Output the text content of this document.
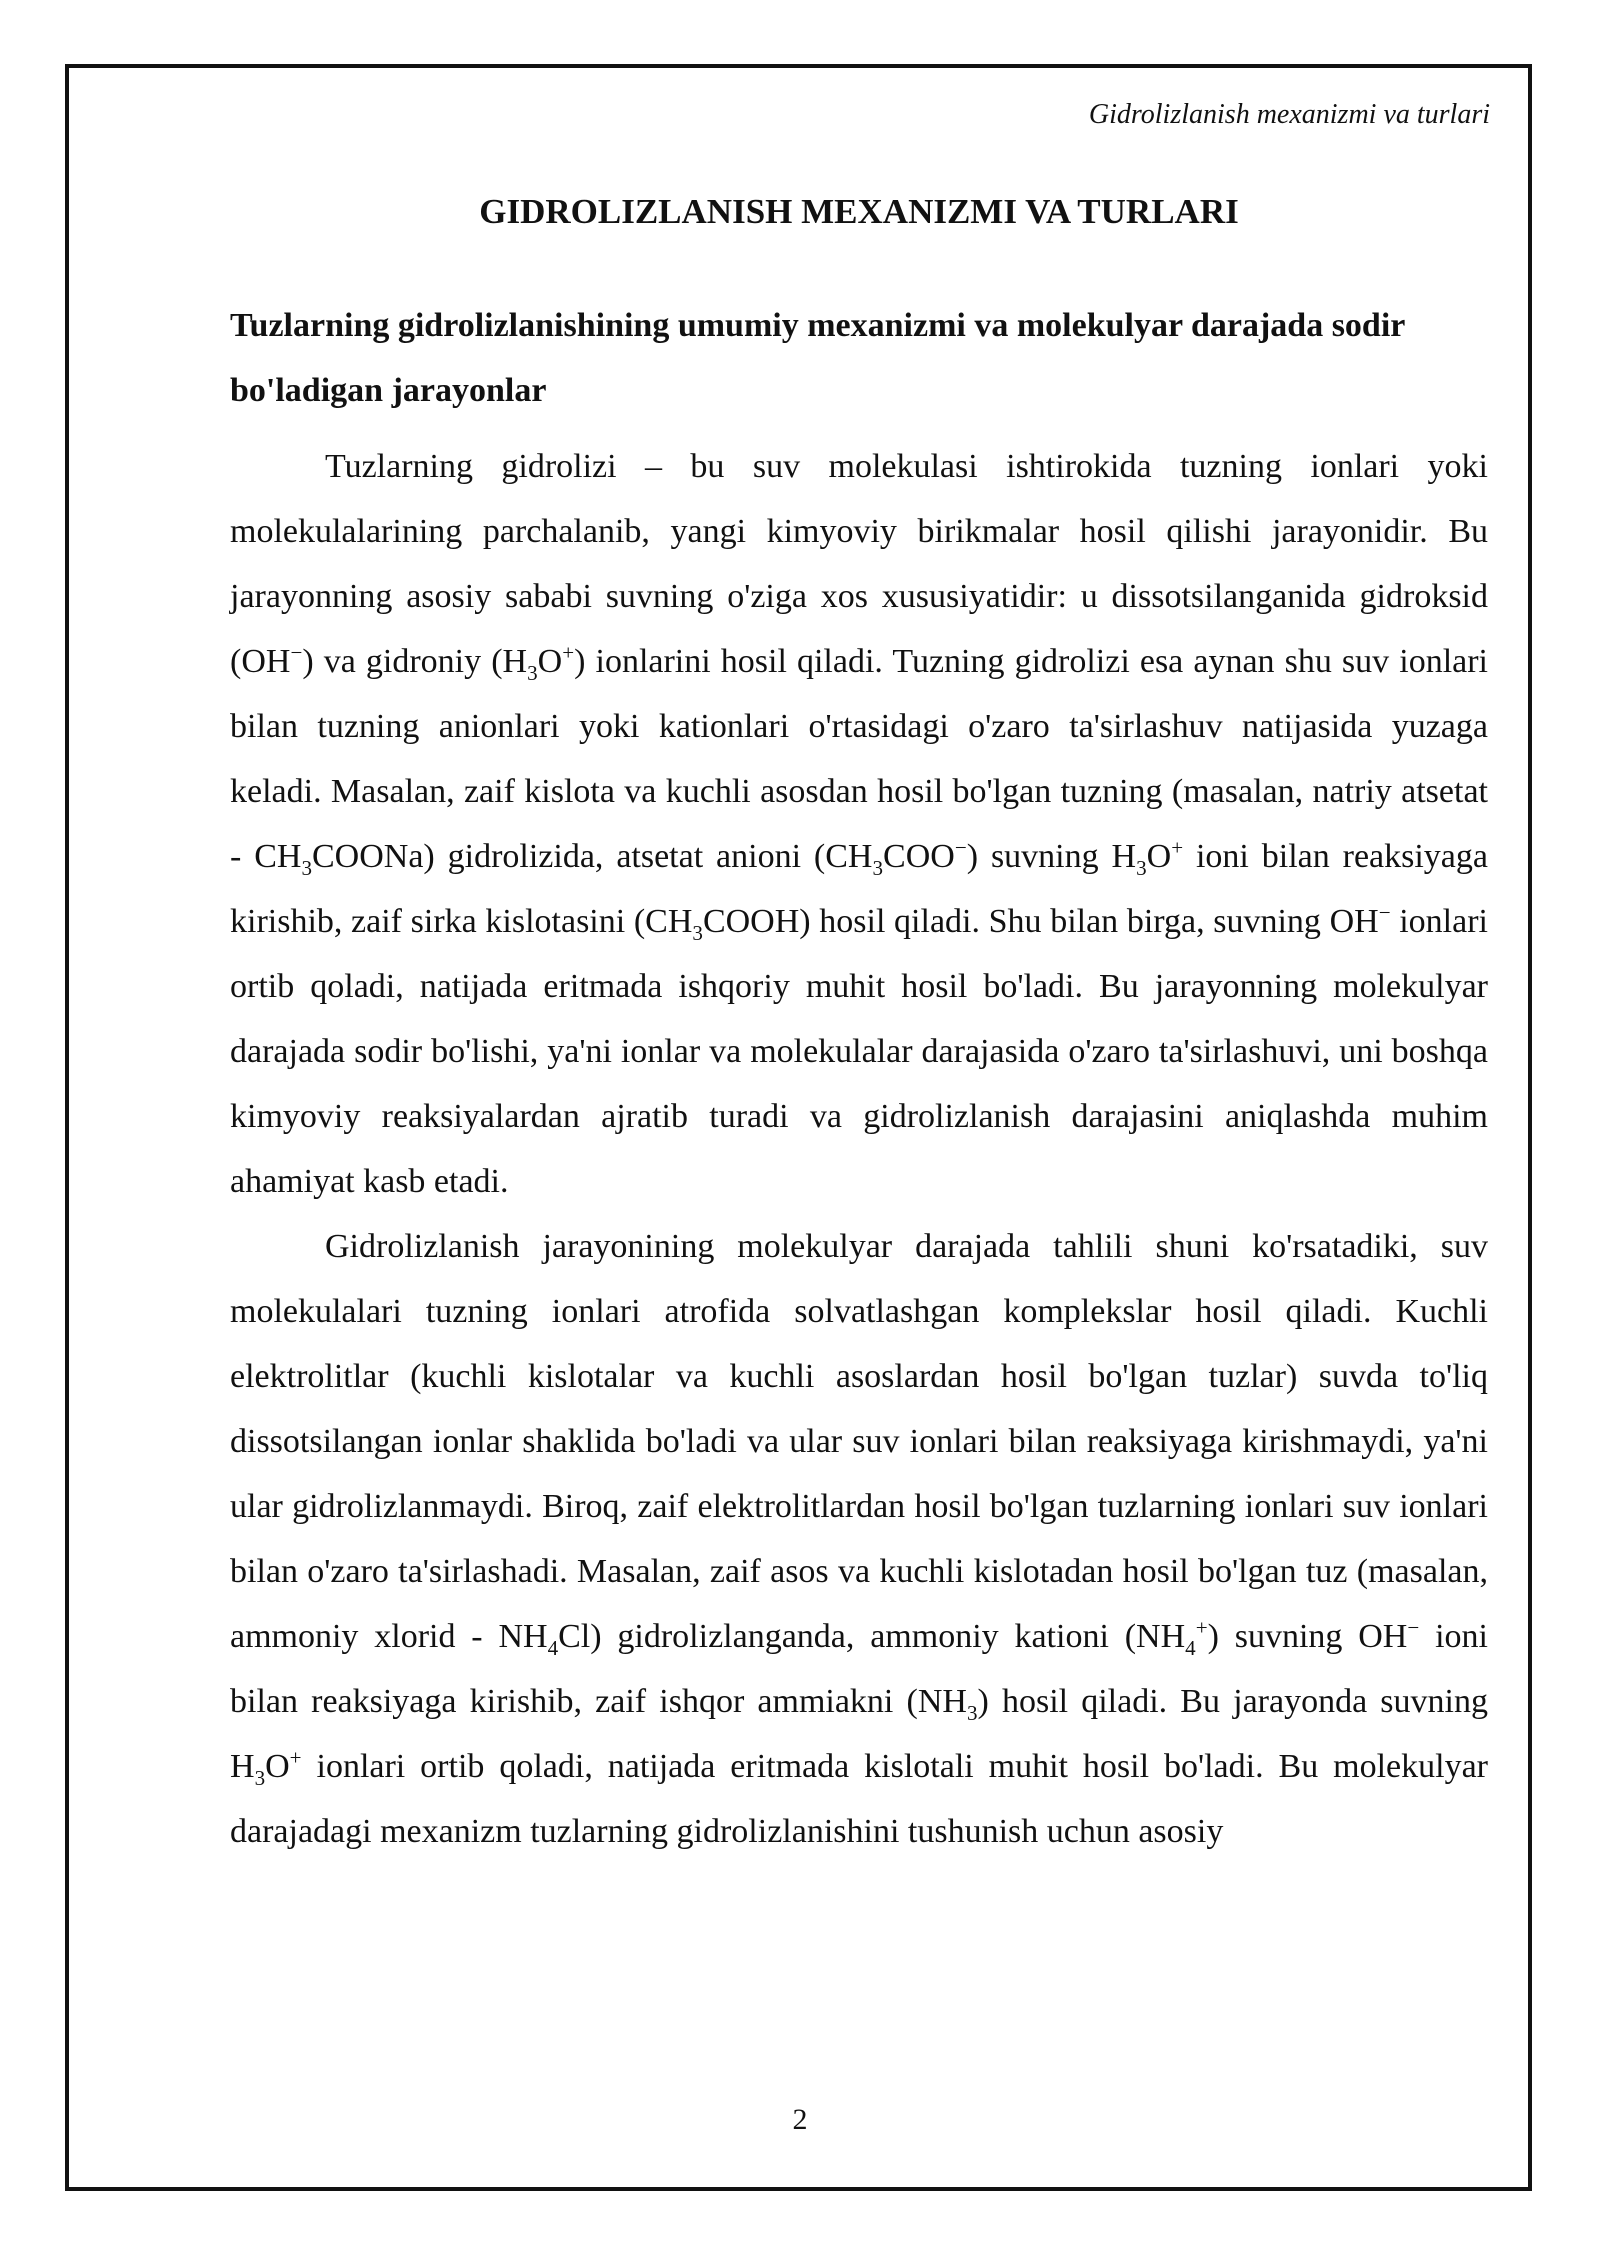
Gidrolizlanish mexanizmi va turlari
GIDROLIZLANISH MEXANIZMI VA TURLARI
Tuzlarning gidrolizlanishining umumiy mexanizmi va molekulyar darajada sodir bo'ladigan jarayonlar

Tuzlarning gidrolizi – bu suv molekulasi ishtirokida tuzning ionlari yoki molekulalarining parchalanib, yangi kimyoviy birikmalar hosil qilishi jarayonidir. Bu jarayonning asosiy sababi suvning o'ziga xos xususiyatidir: u dissotsilanganida gidroksid (OH−) va gidroniy $(H_3O^+)$ ionlarini hosil qiladi. Tuzning gidrolizi esa aynan shu suv ionlari bilan tuzning anionlari yoki kationlari o'rtasidagi o'zaro ta'sirlashuv natijasida yuzaga keladi. Masalan, zaif kislota va kuchli asosdan hosil bo'lgan tuzning (masalan, natriy atsetat - $CH_3COONa$) gidrolizida, atsetat anioni $(CH_3COO^-)$ suvning $H_3O^+$ ioni bilan reaksiyaga kirishib, zaif sirka kislotasini $(CH_3COOH)$ hosil qiladi. Shu bilan birga, suvning OH− ionlari ortib qoladi, natijada eritmada ishqoriy muhit hosil bo'ladi. Bu jarayonning molekulyar darajada sodir bo'lishi, ya'ni ionlar va molekulalar darajasida o'zaro ta'sirlashuvi, uni boshqa kimyoviy reaksiyalardan ajratib turadi va gidrolizlanish darajasini aniqlashda muhim ahamiyat kasb etadi.

Gidrolizlanish jarayonining molekulyar darajada tahlili shuni ko'rsatadiki, suv molekulalari tuzning ionlari atrofida solvatlashgan komplekslar hosil qiladi. Kuchli elektrolitlar (kuchli kislotalar va kuchli asoslardan hosil bo'lgan tuzlar) suvda to'liq dissotsilangan ionlar shaklida bo'ladi va ular suv ionlari bilan reaksiyaga kirishmaydi, ya'ni ular gidrolizlanmaydi. Biroq, zaif elektrolitlardan hosil bo'lgan tuzlarning ionlari suv ionlari bilan o'zaro ta'sirlashadi. Masalan, zaif asos va kuchli kislotadan hosil bo'lgan tuz (masalan, ammoniy xlorid - $NH_4Cl$) gidrolizlanganda, ammoniy kationi $(NH_4^+)$ suvning OH− ioni bilan reaksiyaga kirishib, zaif ishqor ammiakni $(NH_3)$ hosil qiladi. Bu jarayonda suvning $H_3O^+$ ionlari ortib qoladi, natijada eritmada kislotali muhit hosil bo'ladi. Bu molekulyar darajadagi mexanizm tuzlarning gidrolizlanishini tushunish uchun asosiy

2
